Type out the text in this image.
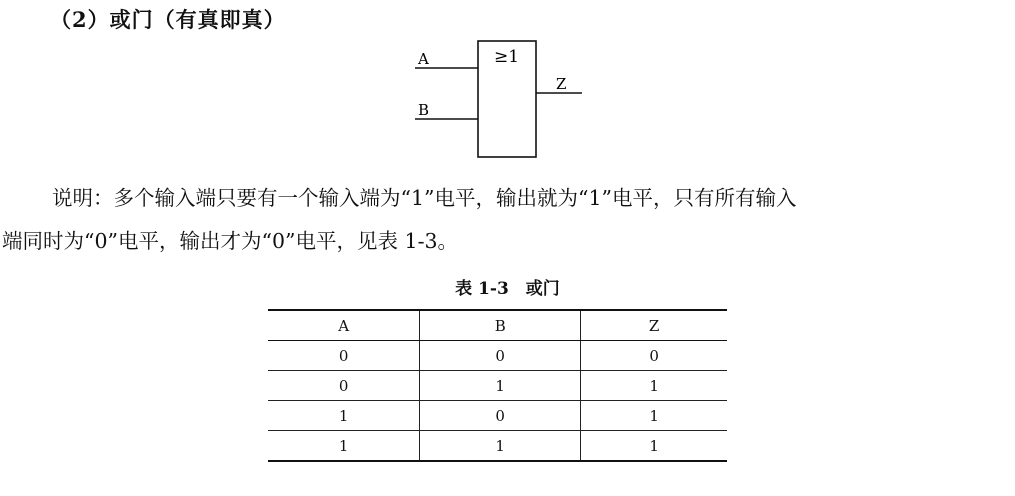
（2）或门（有真即真）
≥1
A
B
Z
说明：多个输入端只要有一个输入端为“1”电平，输出就为“1”电平，只有所有输入
端同时为“0”电平，输出才为“0”电平，见表 1-3。
表 1-3　或门
A	B	Z
0	0	0
0	1	1
1	0	1
1	1	1
